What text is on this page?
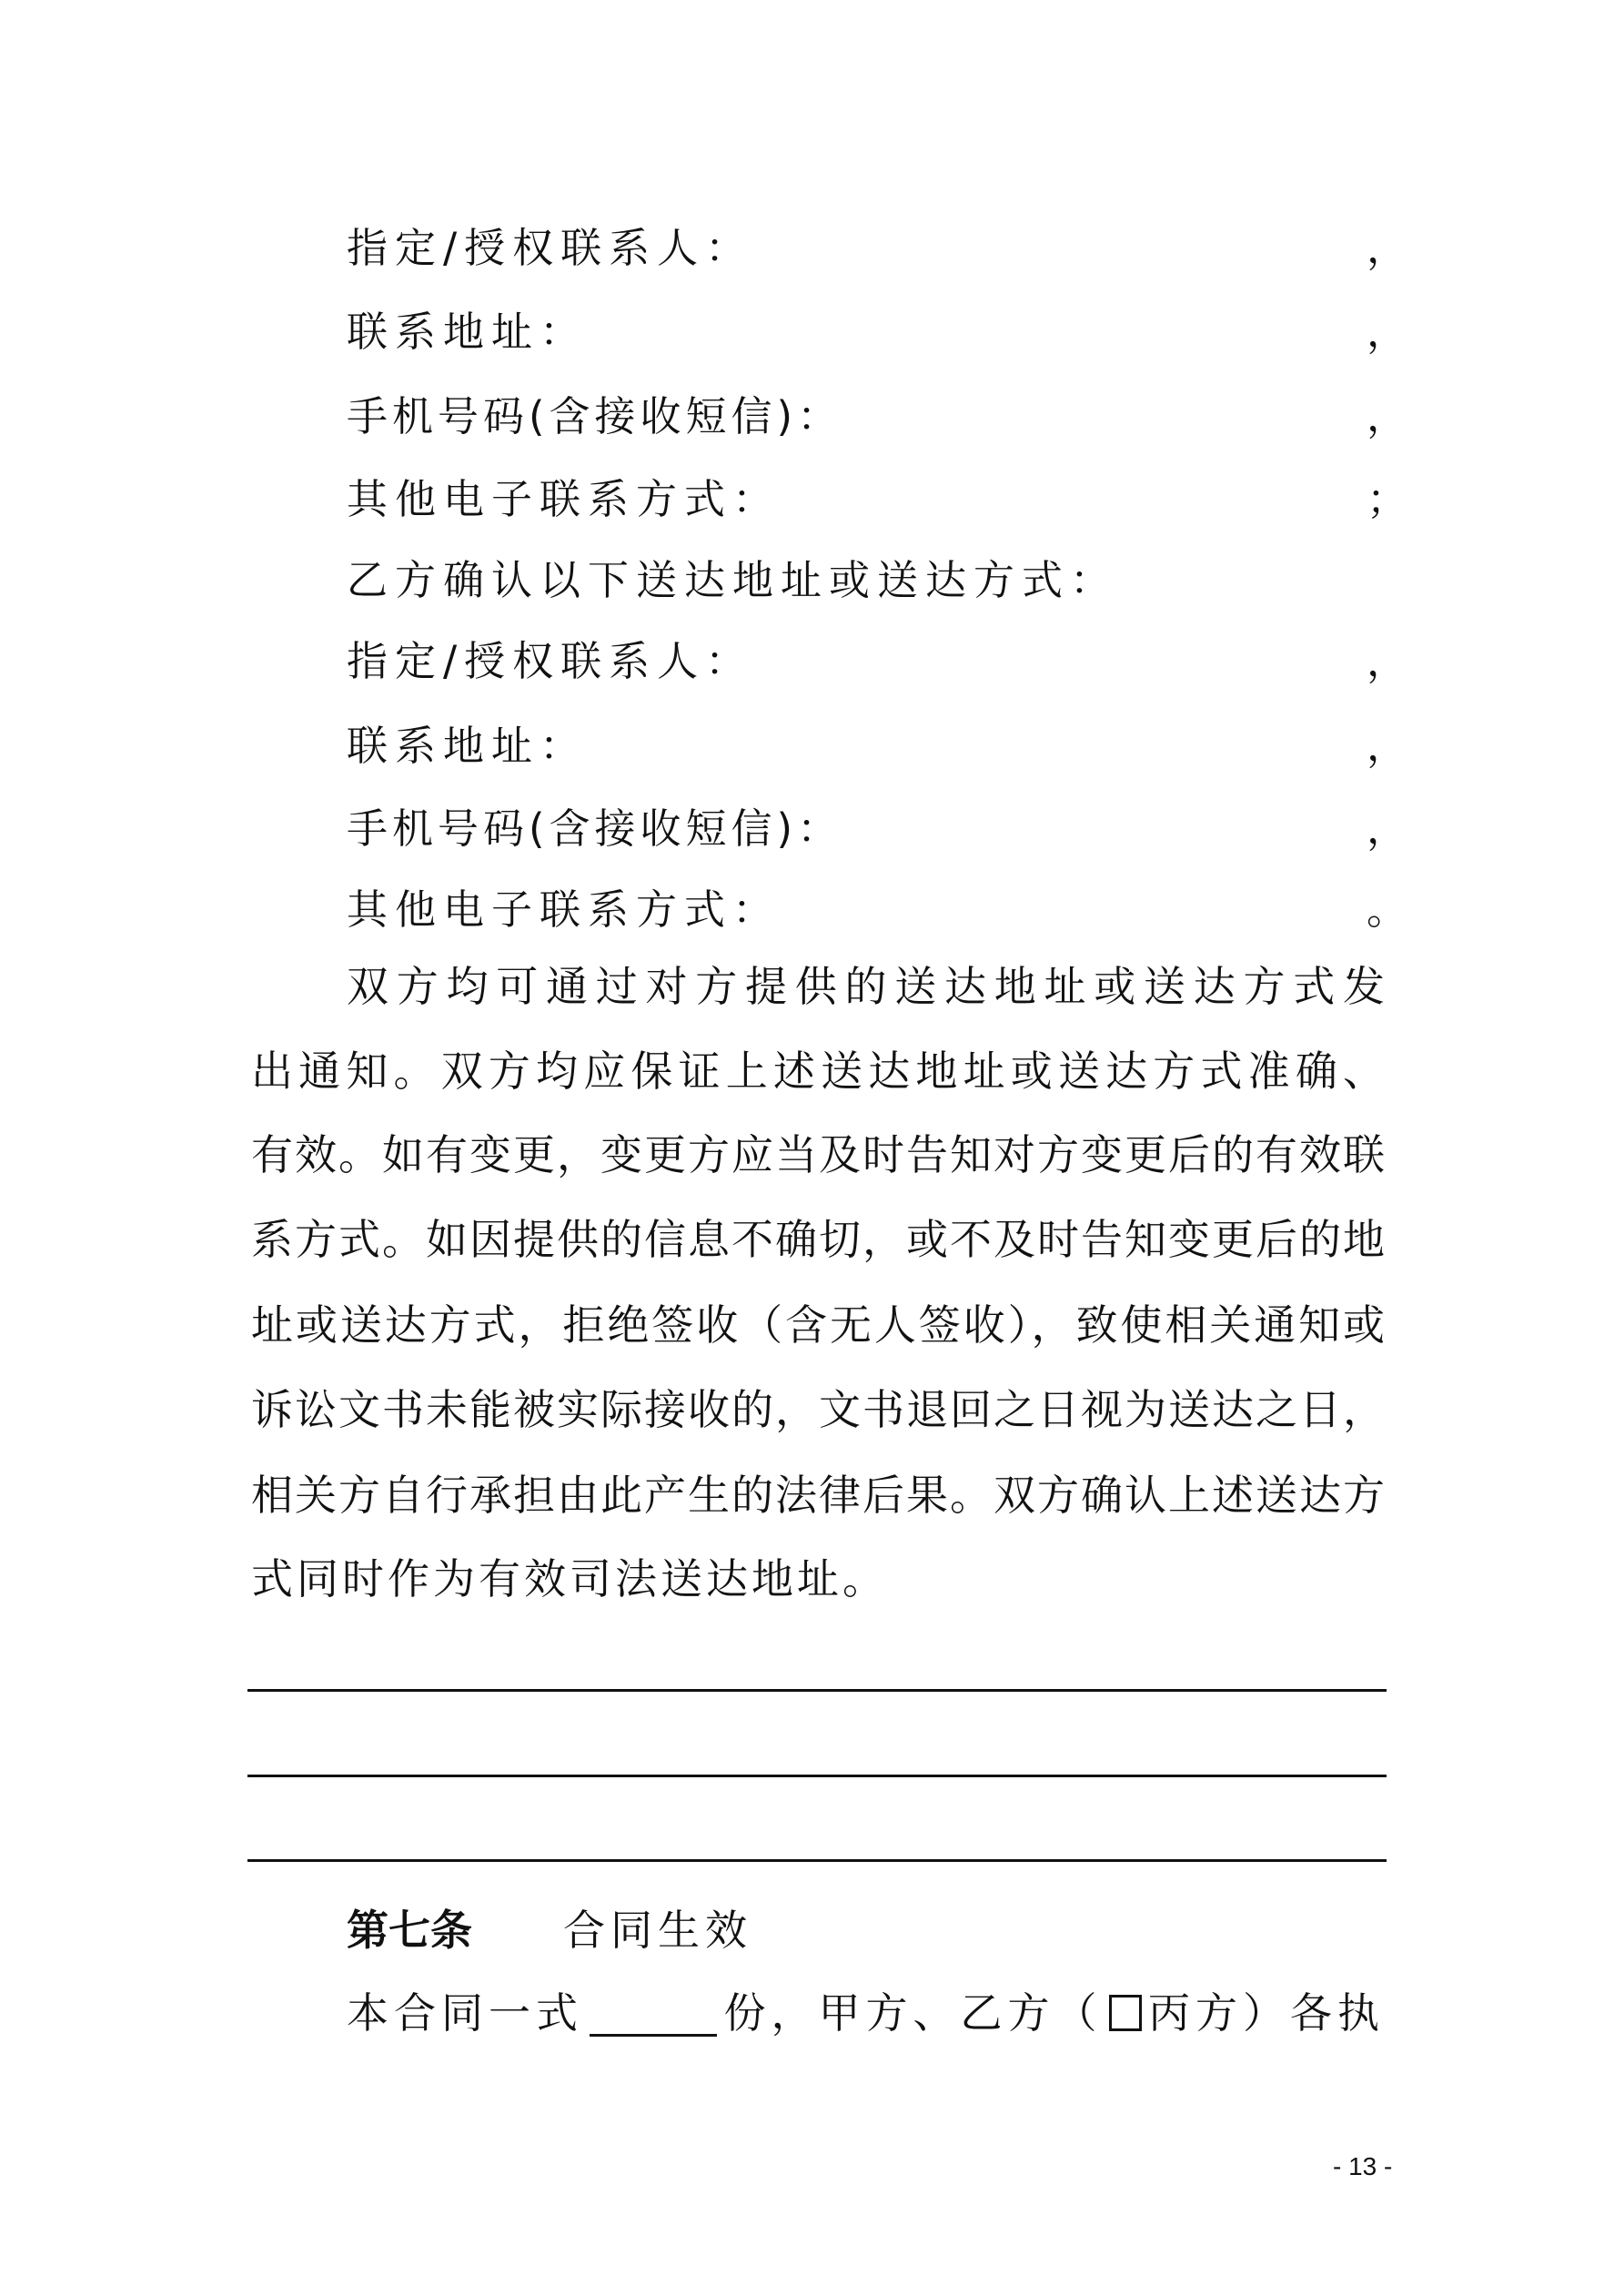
指定/授权联系人：	，
联系地址：	，
手机号码(含接收短信)：	，
其他电子联系方式：	；
乙方确认以下送达地址或送达方式：
指定/授权联系人：	，
联系地址：	，
手机号码(含接收短信)：	，
其他电子联系方式：	。
双方均可通过对方提供的送达地址或送达方式发
出通知。双方均应保证上述送达地址或送达方式准确、
有效。如有变更，变更方应当及时告知对方变更后的有效联
系方式。如因提供的信息不确切，或不及时告知变更后的地
址或送达方式，拒绝签收（含无人签收），致使相关通知或
诉讼文书未能被实际接收的，文书退回之日视为送达之日，
相关方自行承担由此产生的法律后果。双方确认上述送达方
式同时作为有效司法送达地址。
第七条 合同生效
本合同一式	份，甲方、乙方（ 丙方）各执
- 13 -
